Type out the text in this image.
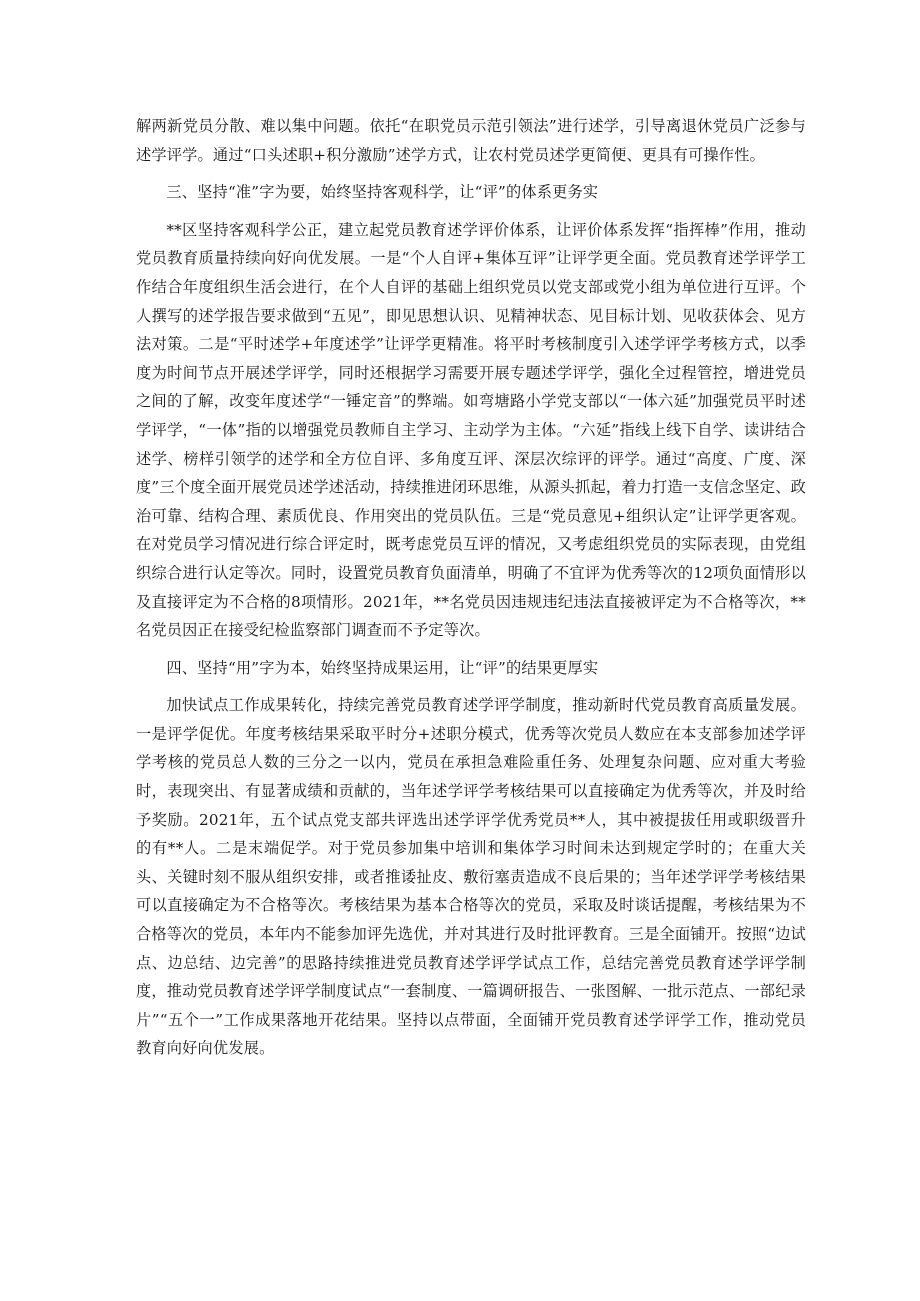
解两新党员分散、难以集中问题。依托“在职党员示范引领法”进行述学，引导离退休党员广泛参与述学评学。通过“口头述职+积分激励”述学方式，让农村党员述学更简便、更具有可操作性。

三、坚持“准”字为要，始终坚持客观科学，让“评”的体系更务实

**区坚持客观科学公正，建立起党员教育述学评价体系，让评价体系发挥“指挥棒”作用，推动党员教育质量持续向好向优发展。一是“个人自评+集体互评”让评学更全面。党员教育述学评学工作结合年度组织生活会进行，在个人自评的基础上组织党员以党支部或党小组为单位进行互评。个人撰写的述学报告要求做到“五见”，即见思想认识、见精神状态、见目标计划、见收获体会、见方法对策。二是“平时述学+年度述学”让评学更精准。将平时考核制度引入述学评学考核方式，以季度为时间节点开展述学评学，同时还根据学习需要开展专题述学评学，强化全过程管控，增进党员之间的了解，改变年度述学“一锤定音”的弊端。如弯塘路小学党支部以“一体六延”加强党员平时述学评学，“一体”指的以增强党员教师自主学习、主动学为主体。“六延”指线上线下自学、读讲结合述学、榜样引领学的述学和全方位自评、多角度互评、深层次综评的评学。通过“高度、广度、深度”三个度全面开展党员述学述活动，持续推进闭环思维，从源头抓起，着力打造一支信念坚定、政治可靠、结构合理、素质优良、作用突出的党员队伍。三是“党员意见+组织认定”让评学更客观。在对党员学习情况进行综合评定时，既考虑党员互评的情况，又考虑组织党员的实际表现，由党组织综合进行认定等次。同时，设置党员教育负面清单，明确了不宜评为优秀等次的12项负面情形以及直接评定为不合格的8项情形。2021年，**名党员因违规违纪违法直接被评定为不合格等次，**名党员因正在接受纪检监察部门调查而不予定等次。

四、坚持“用”字为本，始终坚持成果运用，让“评”的结果更厚实

加快试点工作成果转化，持续完善党员教育述学评学制度，推动新时代党员教育高质量发展。一是评学促优。年度考核结果采取平时分+述职分模式，优秀等次党员人数应在本支部参加述学评学考核的党员总人数的三分之一以内，党员在承担急难险重任务、处理复杂问题、应对重大考验时，表现突出、有显著成绩和贡献的，当年述学评学考核结果可以直接确定为优秀等次，并及时给予奖励。2021年，五个试点党支部共评选出述学评学优秀党员**人，其中被提拔任用或职级晋升的有**人。二是末端促学。对于党员参加集中培训和集体学习时间未达到规定学时的；在重大关头、关键时刻不服从组织安排，或者推诿扯皮、敷衍塞责造成不良后果的；当年述学评学考核结果可以直接确定为不合格等次。考核结果为基本合格等次的党员，采取及时谈话提醒，考核结果为不合格等次的党员，本年内不能参加评先选优，并对其进行及时批评教育。三是全面铺开。按照“边试点、边总结、边完善”的思路持续推进党员教育述学评学试点工作，总结完善党员教育述学评学制度，推动党员教育述学评学制度试点“一套制度、一篇调研报告、一张图解、一批示范点、一部纪录片”“五个一”工作成果落地开花结果。坚持以点带面，全面铺开党员教育述学评学工作，推动党员教育向好向优发展。
